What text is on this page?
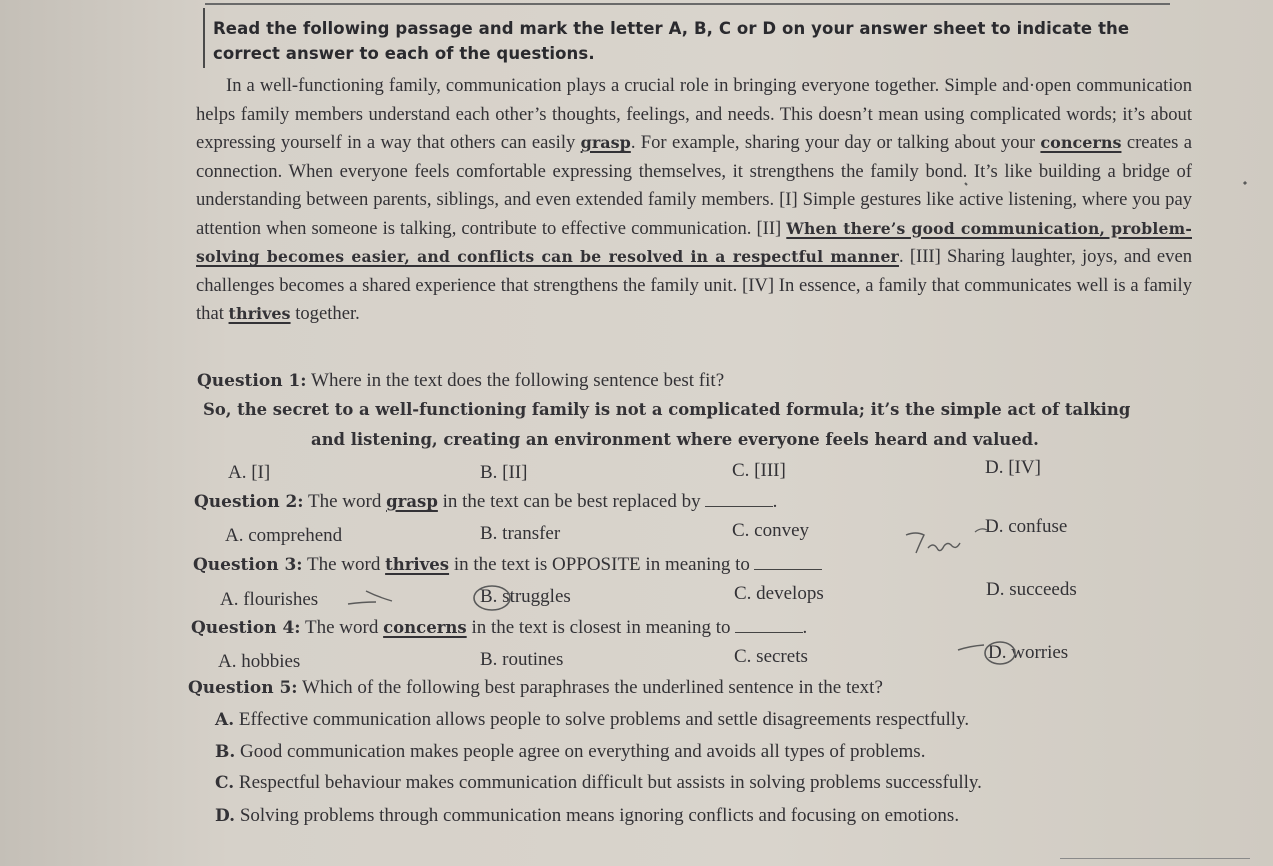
Read the following passage and mark the letter A, B, C or D on your answer sheet to indicate the correct answer to each of the questions.
In a well-functioning family, communication plays a crucial role in bringing everyone together. Simple and·open communication helps family members understand each other’s thoughts, feelings, and needs. This doesn’t mean using complicated words; it’s about expressing yourself in a way that others can easily grasp. For example, sharing your day or talking about your concerns creates a connection. When everyone feels comfortable expressing themselves, it strengthens the family bond. It’s like building a bridge of understanding between parents, siblings, and even extended family members. [I] Simple gestures like active listening, where you pay attention when someone is talking, contribute to effective communication. [II] When there’s good communication, problem-solving becomes easier, and conflicts can be resolved in a respectful manner. [III] Sharing laughter, joys, and even challenges becomes a shared experience that strengthens the family unit. [IV] In essence, a family that communicates well is a family that thrives together.
Question 1: Where in the text does the following sentence best fit?
So, the secret to a well-functioning family is not a complicated formula; it’s the simple act of talking
and listening, creating an environment where everyone feels heard and valued.
A. [I]	B. [II]	C. [III]	D. [IV]
Question 2: The word grasp in the text can be best replaced by	.
A. comprehend	B. transfer	C. convey	D. confuse
Question 3: The word thrives in the text is OPPOSITE in meaning to
A. flourishes	B. struggles	C. develops	D. succeeds
Question 4: The word concerns in the text is closest in meaning to	.
A. hobbies	B. routines	C. secrets	D. worries
Question 5: Which of the following best paraphrases the underlined sentence in the text?
A. Effective communication allows people to solve problems and settle disagreements respectfully.
B. Good communication makes people agree on everything and avoids all types of problems.
C. Respectful behaviour makes communication difficult but assists in solving problems successfully.
D. Solving problems through communication means ignoring conflicts and focusing on emotions.
